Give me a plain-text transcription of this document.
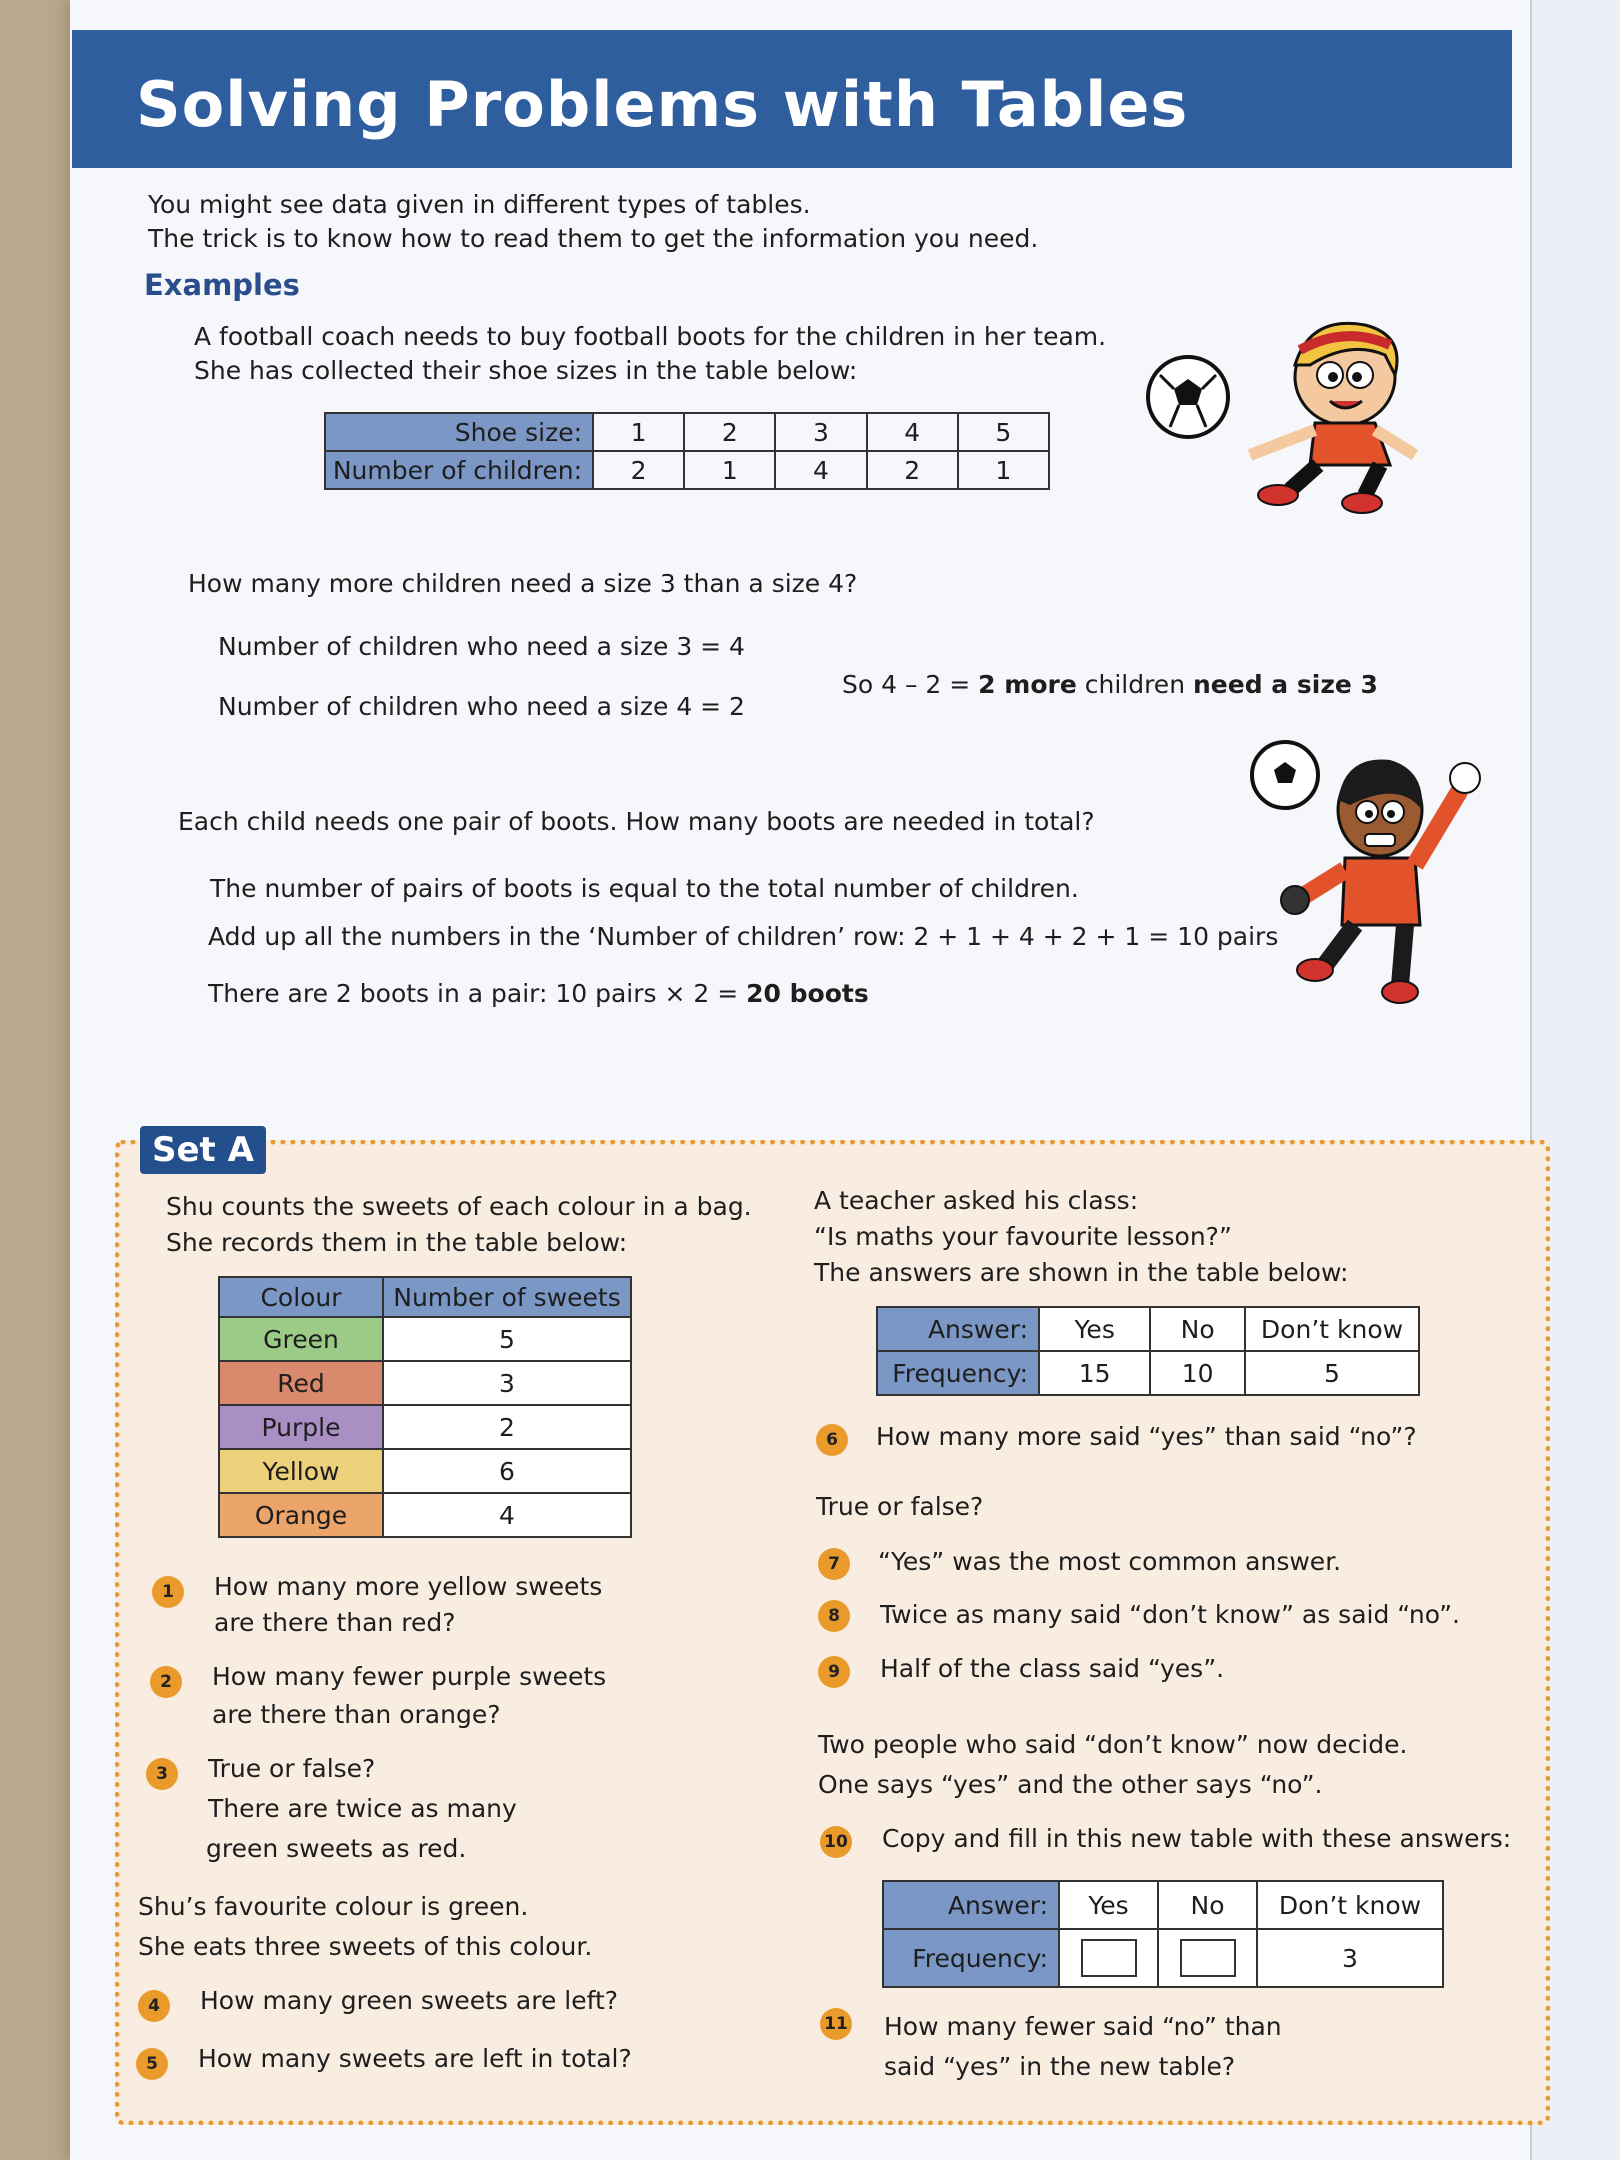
Solving Problems with Tables

You might see data given in different types of tables.

The trick is to know how to read them to get the information you need.

Examples

A football coach needs to buy football boots for the children in her team.

She has collected their shoe sizes in the table below:

Shoe size:	1	2	3	4	5
Number of children:	2	1	4	2	1

How many more children need a size 3 than a size 4?

Number of children who need a size 3 = 4

Number of children who need a size 4 = 2

So 4 – 2 = 2 more children need a size 3

Each child needs one pair of boots. How many boots are needed in total?

The number of pairs of boots is equal to the total number of children.

Add up all the numbers in the ‘Number of children’ row: 2 + 1 + 4 + 2 + 1 = 10 pairs

There are 2 boots in a pair: 10 pairs × 2 = 20 boots

Set A

Shu counts the sweets of each colour in a bag.

She records them in the table below:

Colour	Number of sweets
Green	5
Red	3
Purple	2
Yellow	6
Orange	4
1	How many more yellow sweets

are there than red?

2	How many fewer purple sweets

are there than orange?

3	True or false?

There are twice as many

green sweets as red.

Shu’s favourite colour is green.

She eats three sweets of this colour.

4	How many green sweets are left?

5	How many sweets are left in total?

A teacher asked his class:

“Is maths your favourite lesson?”

The answers are shown in the table below:

Answer:	Yes	No	Don’t know
Frequency:	15	10	5
6	How many more said “yes” than said “no”?

True or false?

7	“Yes” was the most common answer.

8	Twice as many said “don’t know” as said “no”.

9	Half of the class said “yes”.

Two people who said “don’t know” now decide.

One says “yes” and the other says “no”.

10 Copy and fill in this new table with these answers:

Answer:	Yes	No	Don’t know
Frequency:			3
11 How many fewer said “no” than

said “yes” in the new table?
